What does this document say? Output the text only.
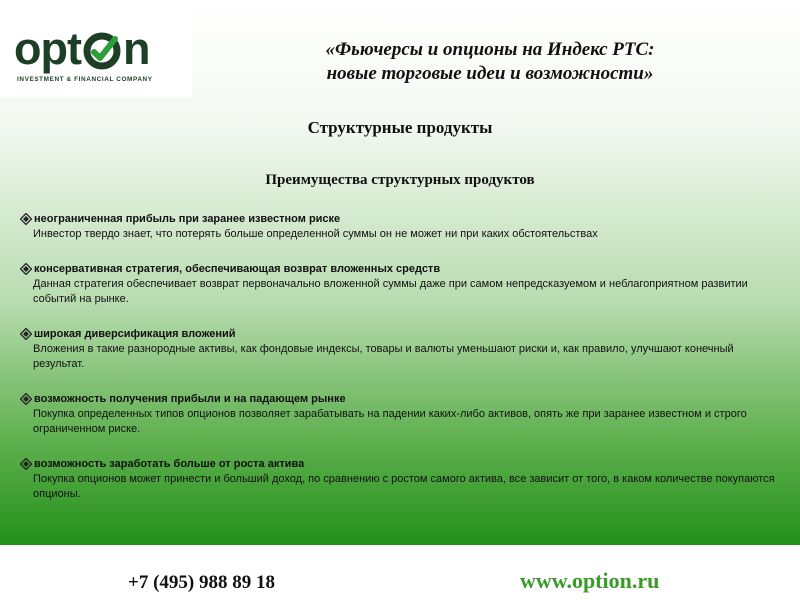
opt n
INVESTMENT & FINANCIAL COMPANY
«Фьючерсы и опционы на Индекс РТС:
новые торговые идеи и возможности»
Структурные продукты
Преимущества структурных продуктов
неограниченная прибыль при заранее известном риске
Инвестор твердо знает, что потерять больше определенной суммы он не может ни при каких обстоятельствах
консервативная стратегия, обеспечивающая возврат вложенных средств
Данная стратегия обеспечивает возврат первоначально вложенной суммы даже при самом непредсказуемом и неблагоприятном развитии событий на рынке.
широкая диверсификация вложений
Вложения в такие разнородные активы, как фондовые индексы, товары и валюты уменьшают риски и, как правило, улучшают конечный результат.
возможность получения прибыли и на падающем рынке
Покупка определенных типов опционов позволяет зарабатывать на падении каких-либо активов, опять же при заранее известном и строго ограниченном риске.
возможность заработать больше от роста актива
Покупка опционов может принести и больший доход, по сравнению с ростом самого актива, все зависит от того, в каком количестве покупаются опционы.
+7 (495) 988 89 18	www.option.ru
